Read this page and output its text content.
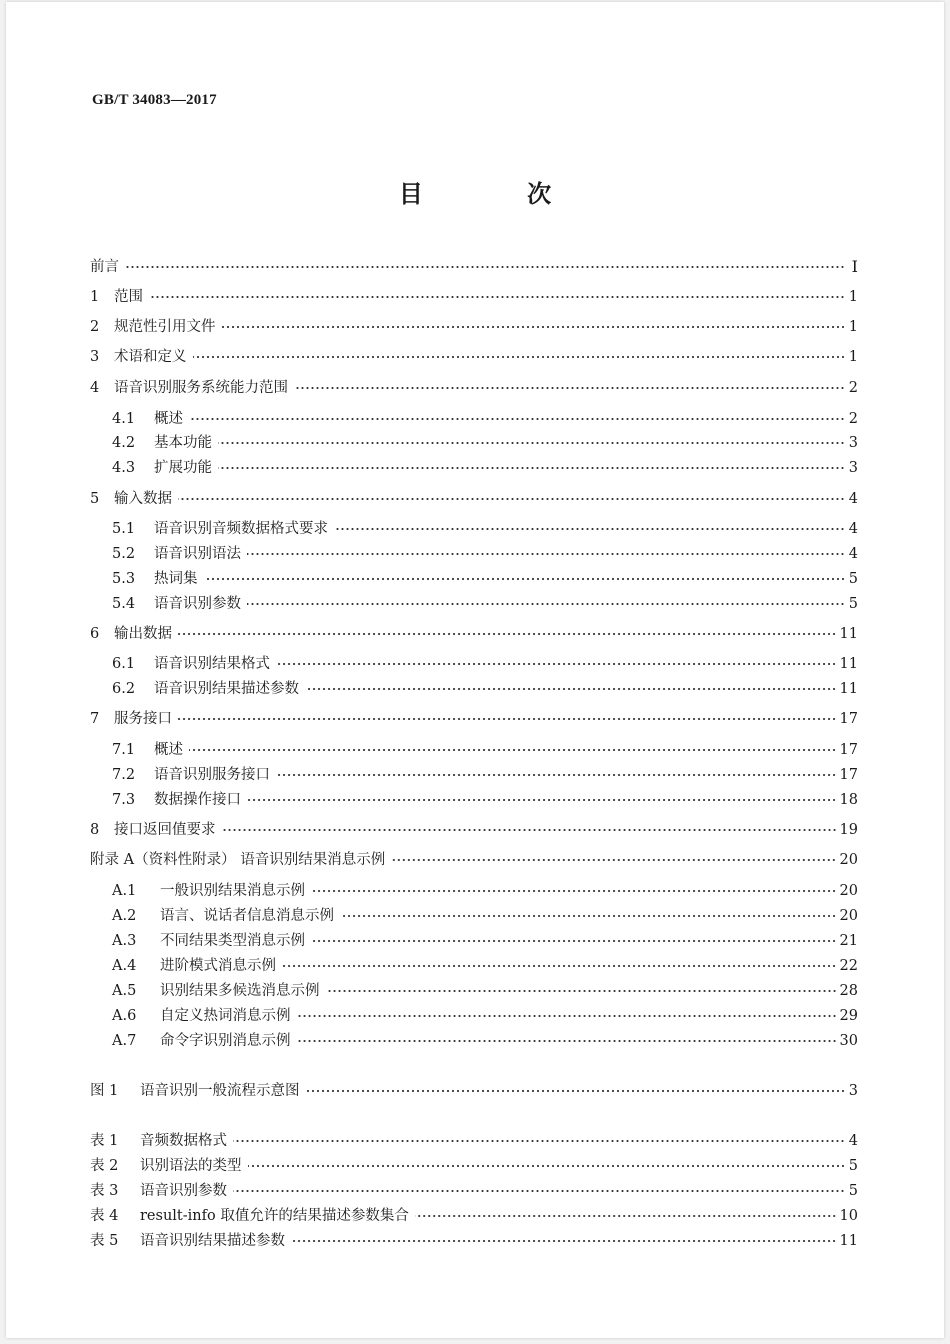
GB/T 34083—2017
目 次
前言	Ⅰ
1	范围	1
2	规范性引用文件	1
3	术语和定义	1
4	语音识别服务系统能力范围	2
4.1	概述	2
4.2	基本功能	3
4.3	扩展功能	3
5	输入数据	4
5.1	语音识别音频数据格式要求	4
5.2	语音识别语法	4
5.3	热词集	5
5.4	语音识别参数	5
6	输出数据	11
6.1	语音识别结果格式	11
6.2	语音识别结果描述参数	11
7	服务接口	17
7.1	概述	17
7.2	语音识别服务接口	17
7.3	数据操作接口	18
8	接口返回值要求	19
附录 A（资料性附录） 语音识别结果消息示例	20
A.1	一般识别结果消息示例	20
A.2	语言、说话者信息消息示例	20
A.3	不同结果类型消息示例	21
A.4	进阶模式消息示例	22
A.5	识别结果多候选消息示例	28
A.6	自定义热词消息示例	29
A.7	命令字识别消息示例	30
图 1	语音识别一般流程示意图	3
表 1	音频数据格式	4
表 2	识别语法的类型	5
表 3	语音识别参数	5
表 4	result-info 取值允许的结果描述参数集合	10
表 5	语音识别结果描述参数	11
